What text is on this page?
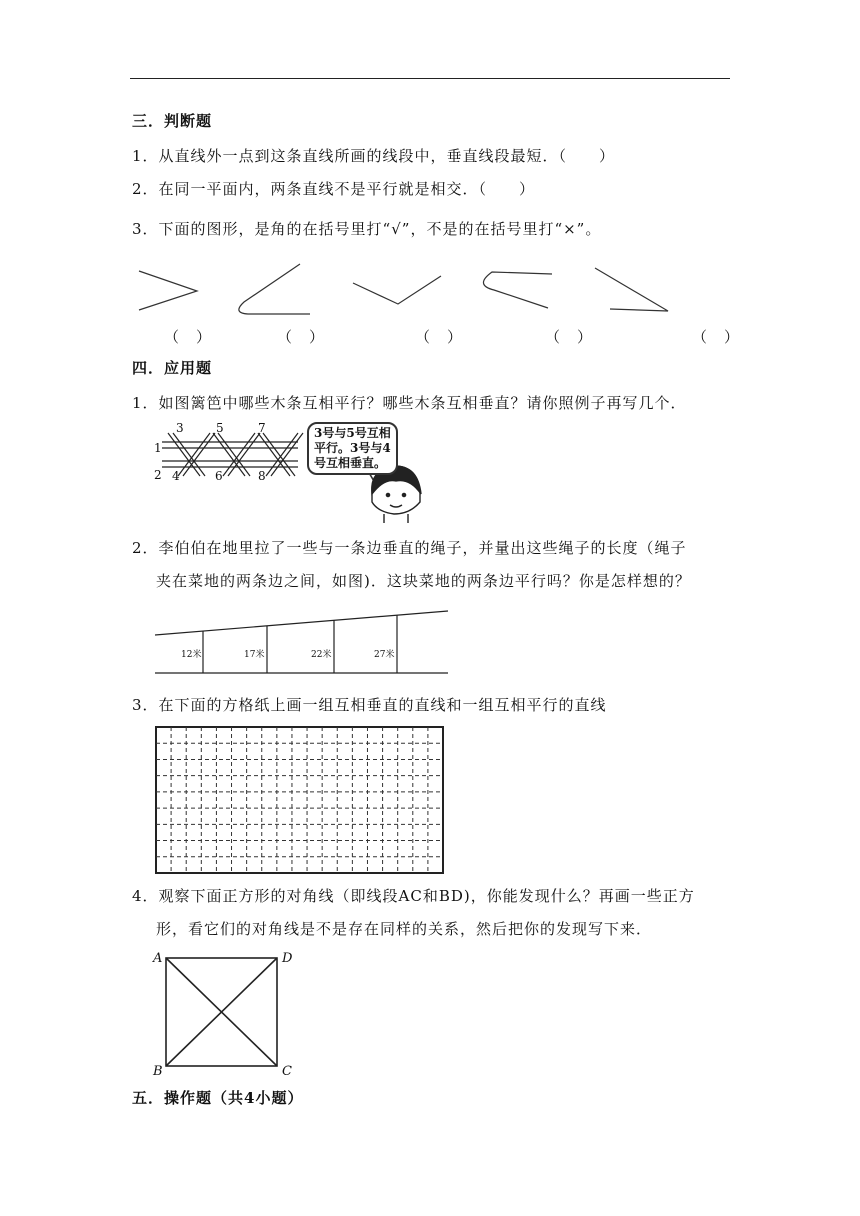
三．判断题
1．从直线外一点到这条直线所画的线段中，垂直线段最短．（　　）
2．在同一平面内，两条直线不是平行就是相交．（　　）
3．下面的图形，是角的在括号里打“√”，不是的在括号里打“×”。
（　）	（　）	（　）	（　）	（　）
四．应用题
1．如图篱笆中哪些木条互相平行？哪些木条互相垂直？请你照例子再写几个．
3	5	7
4	6	8
1
2
3号与5号互相
平行。3号与4
号互相垂直。
2．李伯伯在地里拉了一些与一条边垂直的绳子，并量出这些绳子的长度（绳子
夹在菜地的两条边之间，如图)．这块菜地的两条边平行吗？你是怎样想的？
12米	17米	22米	27米
3．在下面的方格纸上画一组互相垂直的直线和一组互相平行的直线
4．观察下面正方形的对角线（即线段AC和BD)，你能发现什么？再画一些正方
形，看它们的对角线是不是存在同样的关系，然后把你的发现写下来．
A	D
B	C
五．操作题（共4小题）
